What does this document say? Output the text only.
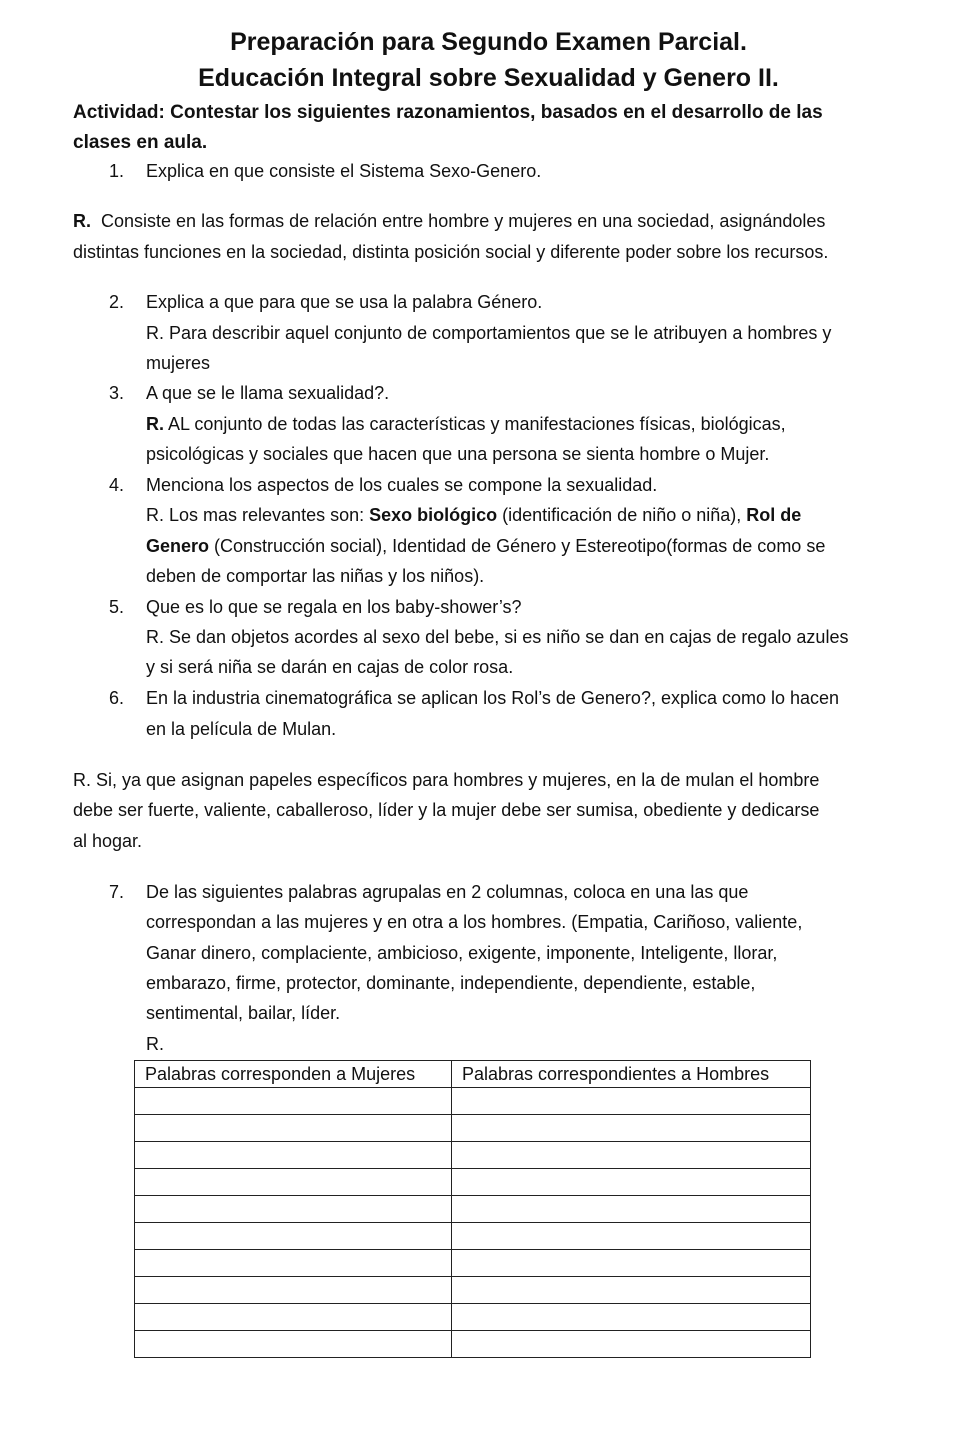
Preparación para Segundo Examen Parcial.
Educación Integral sobre Sexualidad y Genero II.
Actividad: Contestar los siguientes razonamientos, basados en el desarrollo de las
clases en aula.
1. Explica en que consiste el Sistema Sexo-Genero.
R. Consiste en las formas de relación entre hombre y mujeres en una sociedad, asignándoles
distintas funciones en la sociedad, distinta posición social y diferente poder sobre los recursos.
2. Explica a que para que se usa la palabra Género.
R. Para describir aquel conjunto de comportamientos que se le atribuyen a hombres y
mujeres
3. A que se le llama sexualidad?.
R. AL conjunto de todas las características y manifestaciones físicas, biológicas,
psicológicas y sociales que hacen que una persona se sienta hombre o Mujer.
4. Menciona los aspectos de los cuales se compone la sexualidad.
R. Los mas relevantes son: Sexo biológico (identificación de niño o niña), Rol de
Genero (Construcción social), Identidad de Género y Estereotipo(formas de como se
deben de comportar las niñas y los niños).
5. Que es lo que se regala en los baby-shower’s?
R. Se dan objetos acordes al sexo del bebe, si es niño se dan en cajas de regalo azules
y si será niña se darán en cajas de color rosa.
6. En la industria cinematográfica se aplican los Rol’s de Genero?, explica como lo hacen
en la película de Mulan.
R. Si, ya que asignan papeles específicos para hombres y mujeres, en la de mulan el hombre
debe ser fuerte, valiente, caballeroso, líder y la mujer debe ser sumisa, obediente y dedicarse
al hogar.
7. De las siguientes palabras agrupalas en 2 columnas, coloca en una las que
correspondan a las mujeres y en otra a los hombres. (Empatia, Cariñoso, valiente,
Ganar dinero, complaciente, ambicioso, exigente, imponente, Inteligente, llorar,
embarazo, firme, protector, dominante, independiente, dependiente, estable,
sentimental, bailar, líder.
R.
Palabras corresponden a Mujeres	Palabras correspondientes a Hombres
